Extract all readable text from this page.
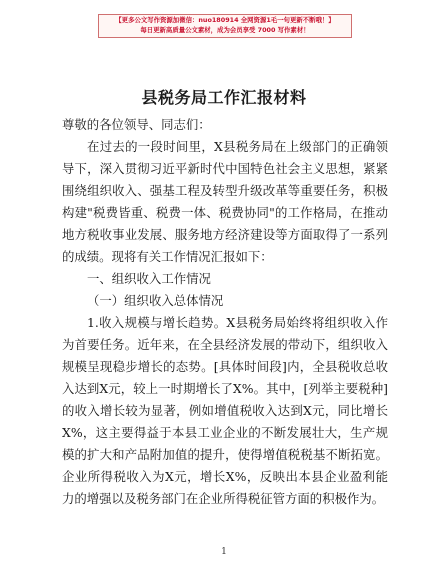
【更多公文写作资源加微信：nuo180914 全网资源1毛一句更新不断哦！】
每日更新高质量公文素材，成为会员享受 7000 写作素材！
县税务局工作汇报材料

尊敬的各位领导、同志们：

在过去的一段时间里，X县税务局在上级部门的正确领导下，深入贯彻习近平新时代中国特色社会主义思想，紧紧围绕组织收入、强基工程及转型升级改革等重要任务，积极构建"税费皆重、税费一体、税费协同"的工作格局，在推动地方税收事业发展、服务地方经济建设等方面取得了一系列的成绩。现将有关工作情况汇报如下：

一、组织收入工作情况

（一）组织收入总体情况

1.收入规模与增长趋势。X县税务局始终将组织收入作为首要任务。近年来，在全县经济发展的带动下，组织收入规模呈现稳步增长的态势。[具体时间段]内，全县税收总收入达到X元，较上一时期增长了X%。其中，[列举主要税种]的收入增长较为显著，例如增值税收入达到X元，同比增长X%，这主要得益于本县工业企业的不断发展壮大，生产规模的扩大和产品附加值的提升，使得增值税税基不断拓宽。企业所得税收入为X元，增长X%，反映出本县企业盈利能力的增强以及税务部门在企业所得税征管方面的积极作为。

1
